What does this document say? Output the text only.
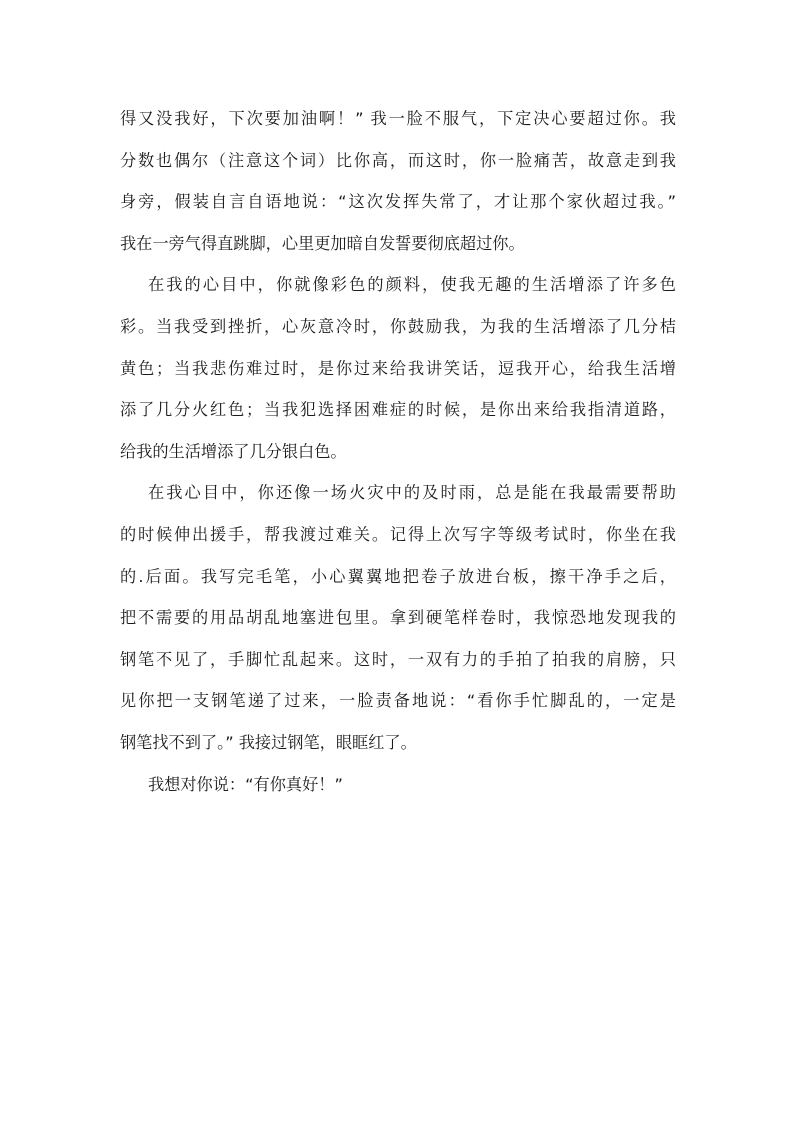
得又没我好，下次要加油啊！” 我一脸不服气，下定决心要超过你。我
分数也偶尔（注意这个词）比你高，而这时，你一脸痛苦，故意走到我
身旁，假装自言自语地说：“这次发挥失常了，才让那个家伙超过我。”
我在一旁气得直跳脚，心里更加暗自发誓要彻底超过你。
在我的心目中，你就像彩色的颜料，使我无趣的生活增添了许多色
彩。当我受到挫折，心灰意冷时，你鼓励我，为我的生活增添了几分桔
黄色；当我悲伤难过时，是你过来给我讲笑话，逗我开心，给我生活增
添了几分火红色；当我犯选择困难症的时候，是你出来给我指清道路，
给我的生活增添了几分银白色。
在我心目中，你还像一场火灾中的及时雨，总是能在我最需要帮助
的时候伸出援手，帮我渡过难关。记得上次写字等级考试时，你坐在我
的.后面。我写完毛笔，小心翼翼地把卷子放进台板，擦干净手之后，
把不需要的用品胡乱地塞进包里。拿到硬笔样卷时，我惊恐地发现我的
钢笔不见了，手脚忙乱起来。这时，一双有力的手拍了拍我的肩膀，只
见你把一支钢笔递了过来，一脸责备地说：“看你手忙脚乱的，一定是
钢笔找不到了。” 我接过钢笔，眼眶红了。
我想对你说：“有你真好！”
